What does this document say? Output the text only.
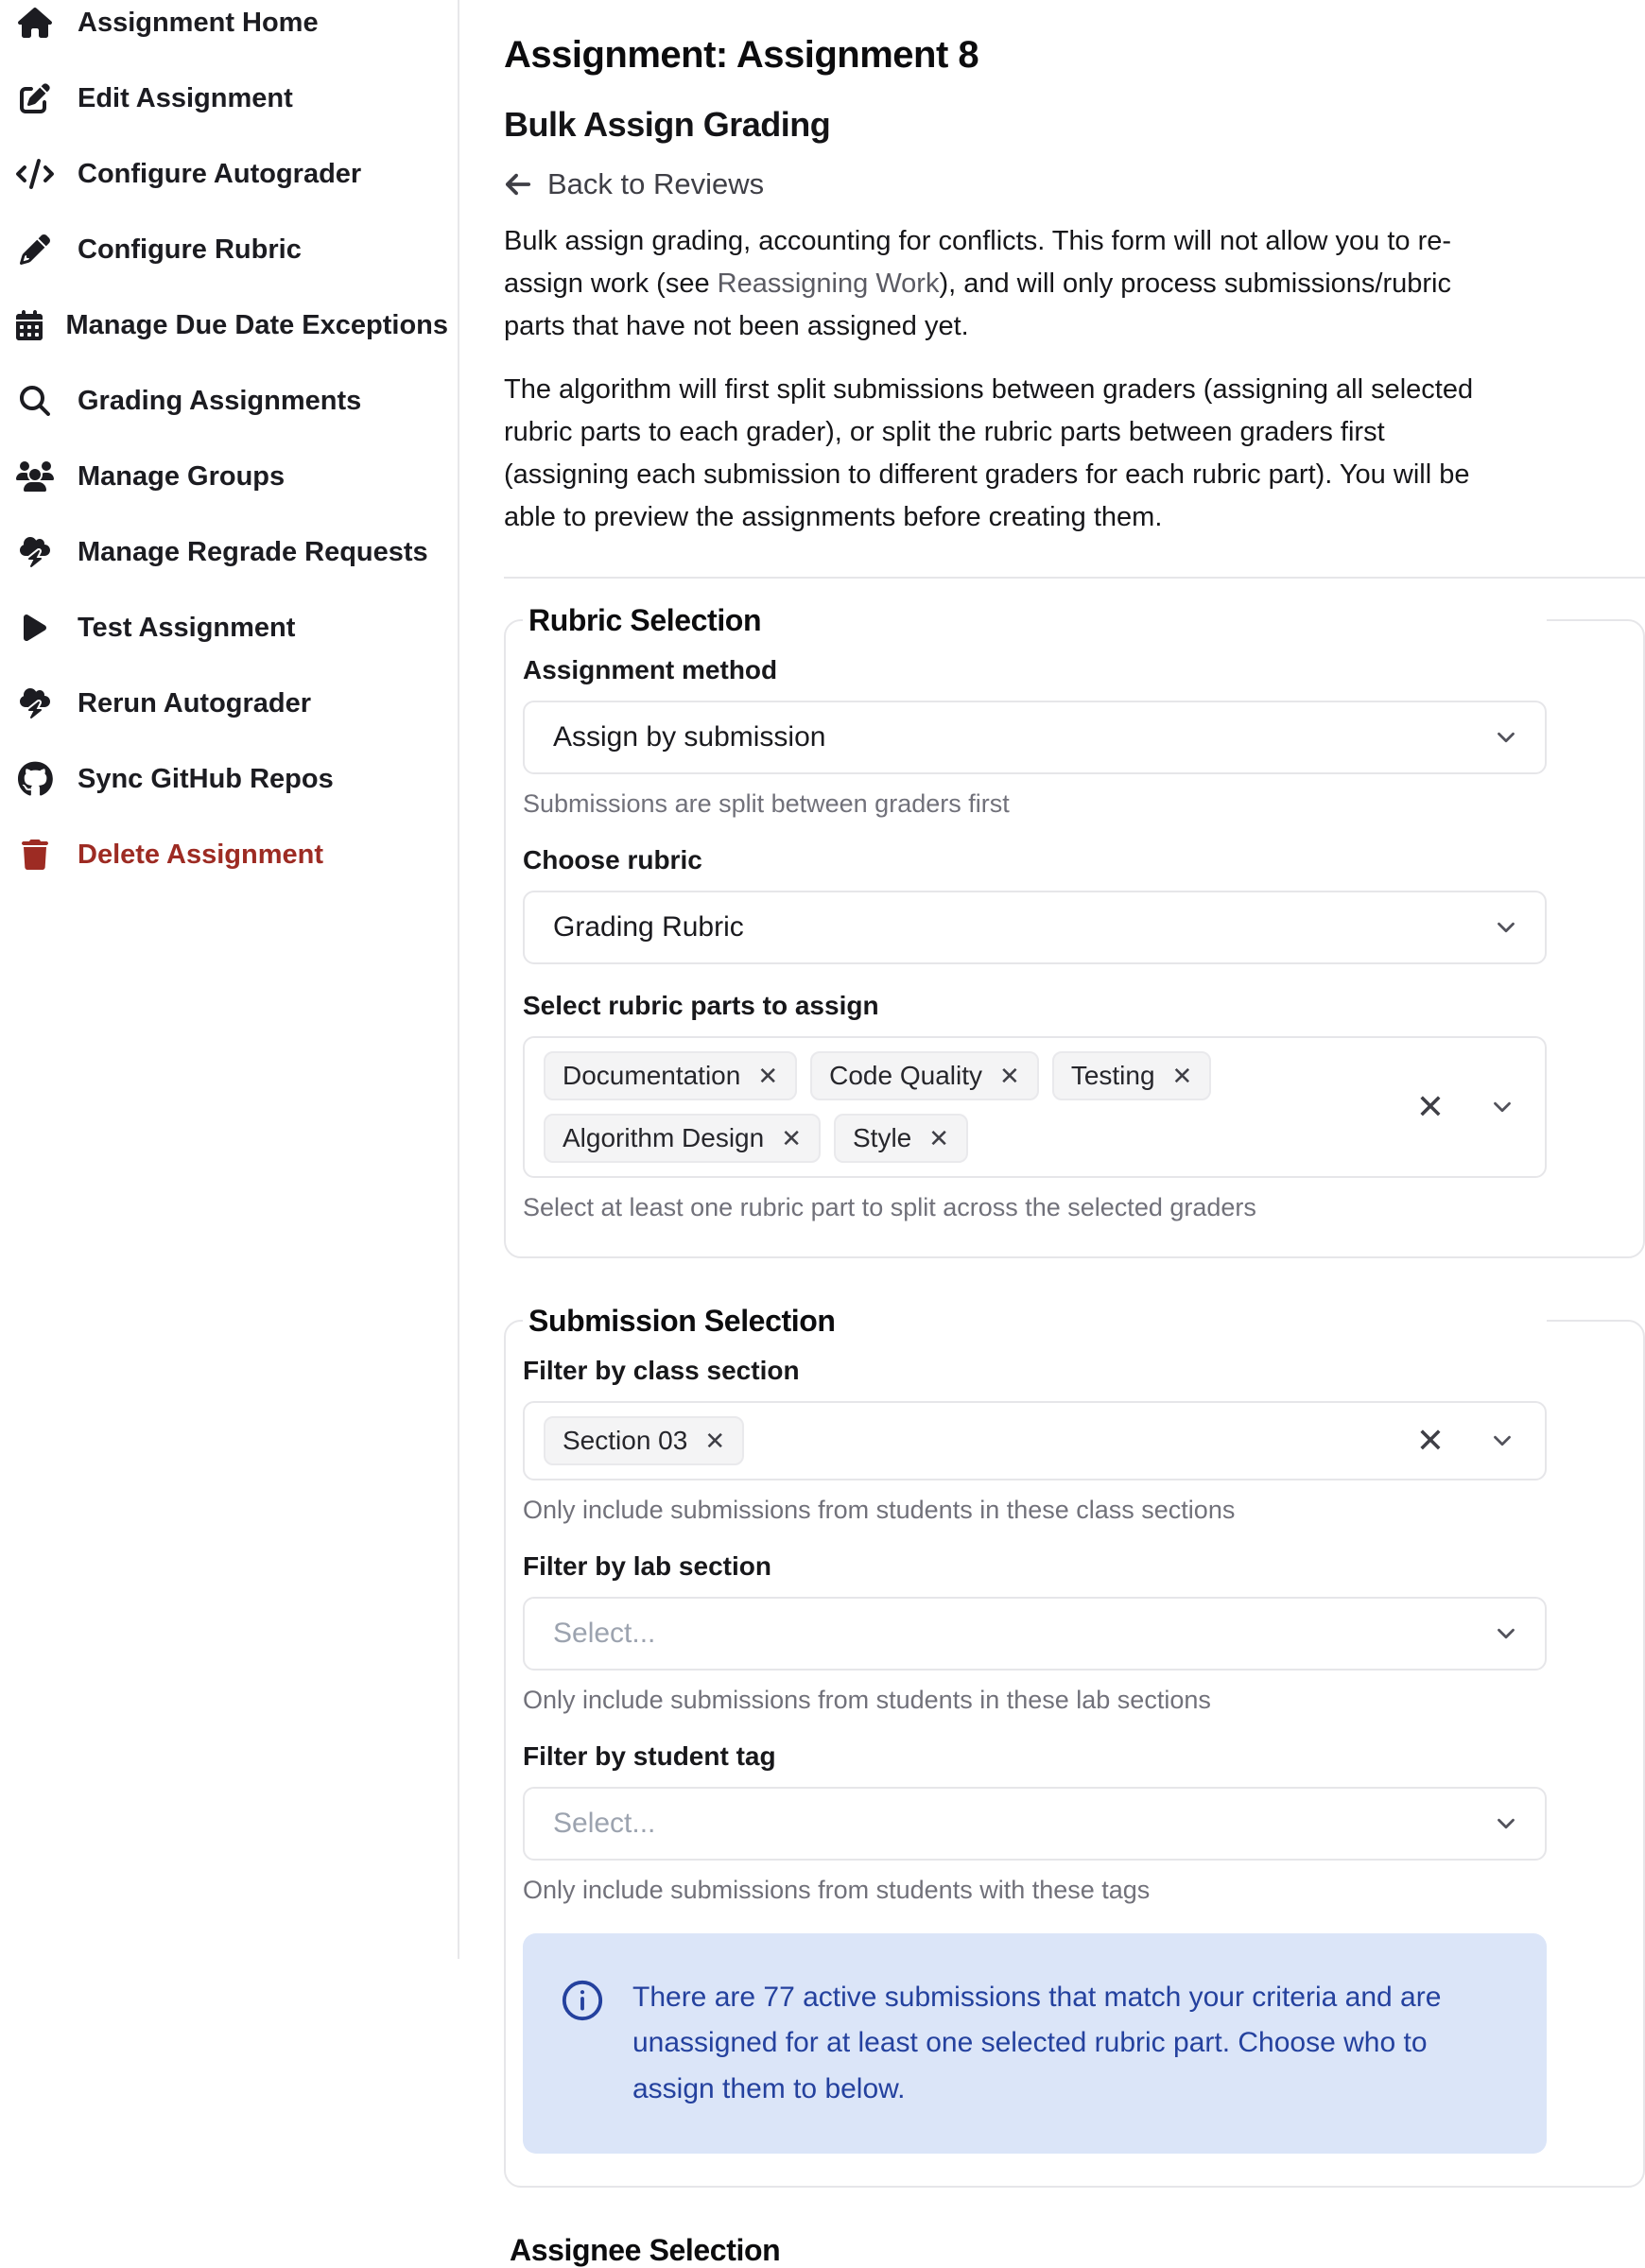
Assignment Home
Edit Assignment
Configure Autograder
Configure Rubric
Manage Due Date Exceptions
Grading Assignments
Manage Groups
Manage Regrade Requests
Test Assignment
Rerun Autograder
Sync GitHub Repos
Delete Assignment
Assignment: Assignment 8
Bulk Assign Grading
Back to Reviews

Bulk assign grading, accounting for conflicts. This form will not allow you to re-assign work (see Reassigning Work), and will only process submissions/rubric parts that have not been assigned yet.

The algorithm will first split submissions between graders (assigning all selected rubric parts to each grader), or split the rubric parts between graders first (assigning each submission to different graders for each rubric part). You will be able to preview the assignments before creating them.

Rubric Selection
Assignment method
Assign by submission
Submissions are split between graders first
Choose rubric
Grading Rubric
Select rubric parts to assign
Documentation ✕ Code Quality ✕ Testing ✕
Algorithm Design ✕ Style ✕
✕
Select at least one rubric part to split across the selected graders
Submission Selection
Filter by class section
Section 03 ✕	✕
Only include submissions from students in these class sections
Filter by lab section
Select...
Only include submissions from students in these lab sections
Filter by student tag
Select...
Only include submissions from students with these tags
There are 77 active submissions that match your criteria and are unassigned for at least one selected rubric part. Choose who to assign them to below.
Assignee Selection
